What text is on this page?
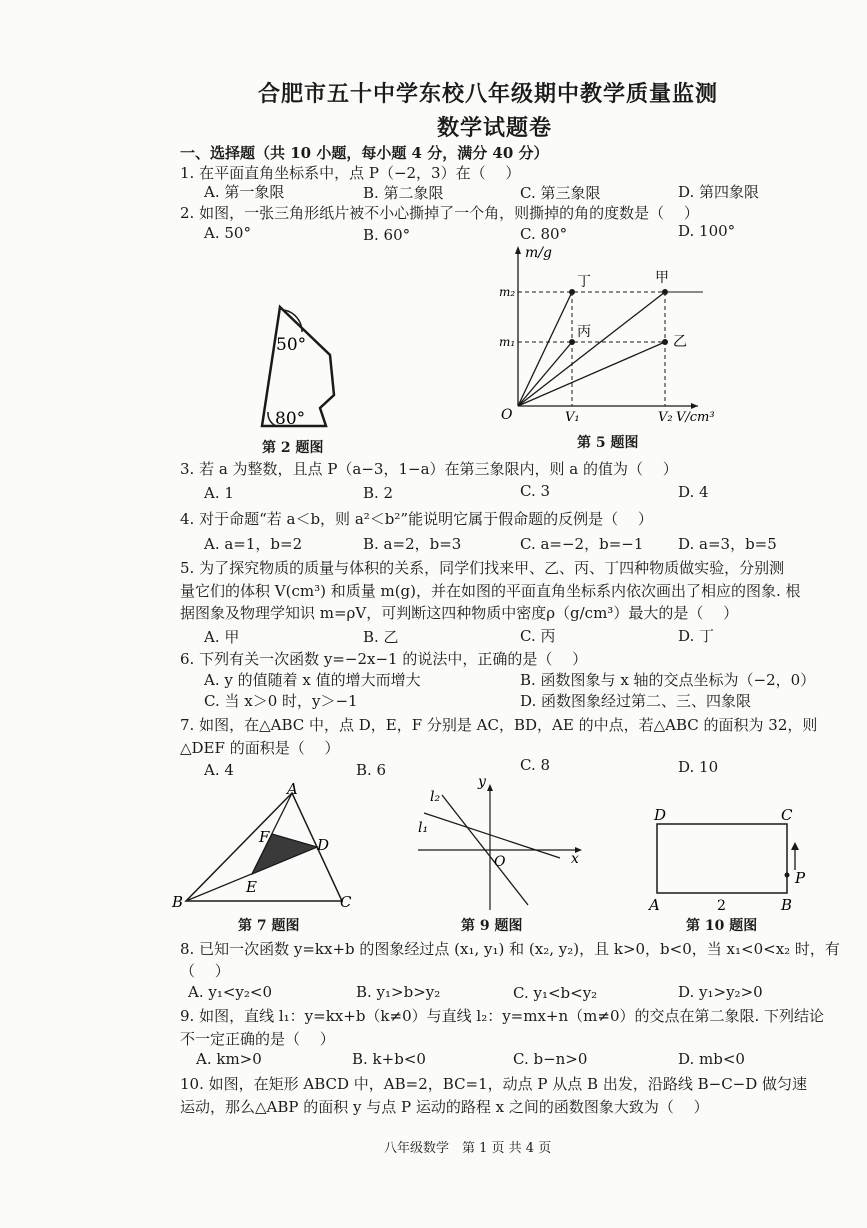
合肥市五十中学东校八年级期中教学质量监测
数学试题卷
一、选择题（共 10 小题，每小题 4 分，满分 40 分）
1. 在平面直角坐标系中，点 P（−2，3）在（　 ）
A. 第一象限	B. 第二象限	C. 第三象限	D. 第四象限
2. 如图，一张三角形纸片被不小心撕掉了一个角，则撕掉的角的度数是（　 ）
A. 50°	B. 60°	C. 80°	D. 100°
50°
80°
第 2 题图
m/g
m₂
m₁
O	V₁	V₂ V/cm³
丁	甲
丙
乙
第 5 题图
3. 若 a 为整数，且点 P（a−3，1−a）在第三象限内，则 a 的值为（　 ）
A. 1	B. 2	C. 3	D. 4
4. 对于命题“若 a＜b，则 a²＜b²”能说明它属于假命题的反例是（　 ）
A. a=1，b=2	B. a=2，b=3	C. a=−2，b=−1 D. a=3，b=5
5. 为了探究物质的质量与体积的关系，同学们找来甲、乙、丙、丁四种物质做实验，分别测
量它们的体积 V(cm³) 和质量 m(g)，并在如图的平面直角坐标系内依次画出了相应的图象. 根
据图象及物理学知识 m=ρV，可判断这四种物质中密度ρ（g/cm³）最大的是（　 ）
A. 甲	B. 乙	C. 丙	D. 丁
6. 下列有关一次函数 y=−2x−1 的说法中，正确的是（　 ）
A. y 的值随着 x 值的增大而增大	B. 函数图象与 x 轴的交点坐标为（−2，0）
C. 当 x＞0 时，y＞−1	D. 函数图象经过第二、三、四象限
7. 如图，在△ABC 中，点 D，E，F 分别是 AC，BD，AE 的中点，若△ABC 的面积为 32，则
△DEF 的面积是（　 ）
A. 4	B. 6	C. 8	D. 10
A
B	C
D
E
F
第 7 题图
l₂
l₁
y
x
O
第 9 题图
D	C
A	B
P
2
第 10 题图
8. 已知一次函数 y=kx+b 的图象经过点 (x₁, y₁) 和 (x₂, y₂)，且 k>0，b<0，当 x₁<0<x₂ 时，有
（　 ）
A. y₁<y₂<0	B. y₁>b>y₂	C. y₁<b<y₂	D. y₁>y₂>0
9. 如图，直线 l₁：y=kx+b（k≠0）与直线 l₂：y=mx+n（m≠0）的交点在第二象限. 下列结论
不一定正确的是（　 ）
A. km>0	B. k+b<0	C. b−n>0	D. mb<0
10. 如图，在矩形 ABCD 中，AB=2，BC=1，动点 P 从点 B 出发，沿路线 B−C−D 做匀速
运动，那么△ABP 的面积 y 与点 P 运动的路程 x 之间的函数图象大致为（　 ）
八年级数学　第 1 页 共 4 页
